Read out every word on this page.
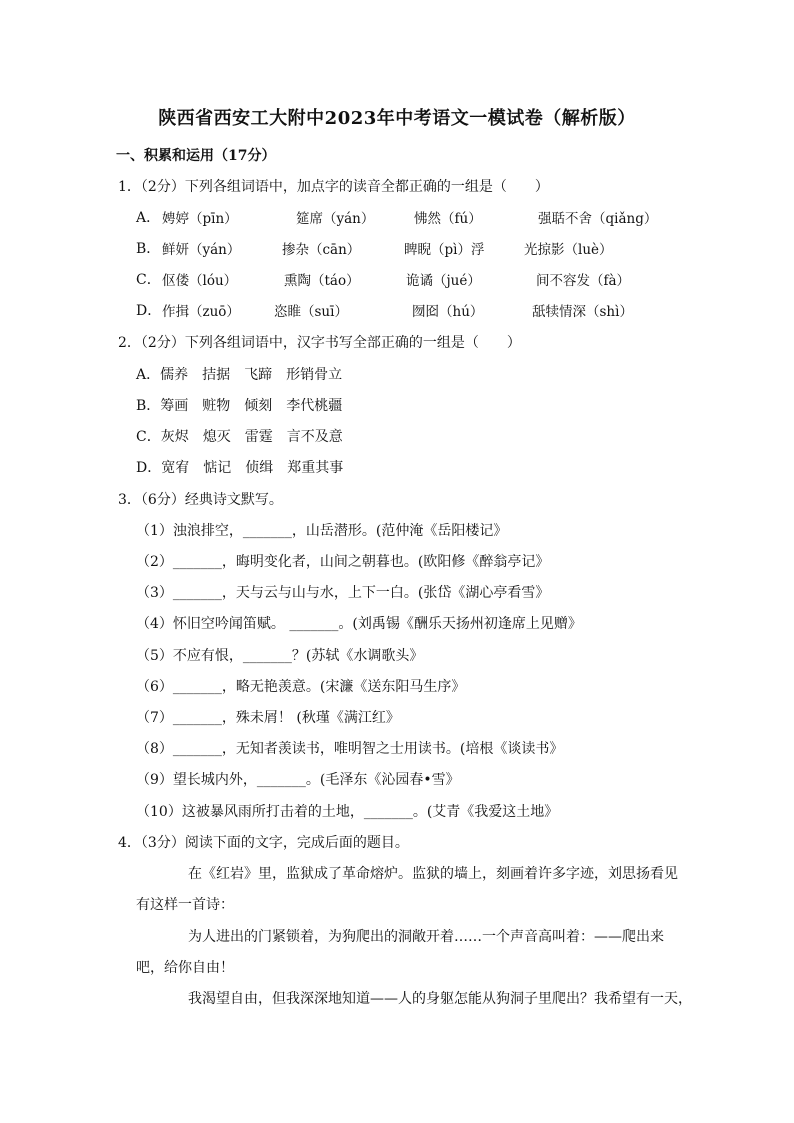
陕西省西安工大附中2023年中考语文一模试卷（解析版）
一、积累和运用（17分）
1．（2分）下列各组词语中，加点字的读音全都正确的一组是（　　）
A． 娉婷（pīn）	筵席（yán）	怫然（fú）	强聒不舍（qiǎng）
B． 鲜妍（yán）	掺杂（cān）	睥睨（pì）浮	光掠影（luè）
C． 伛偻（lóu）	熏陶（táo）	诡谲（jué）	间不容发（fà）
D． 作揖（zuō）	恣睢（suī）	囫囵（hú）	舐犊情深（shì）
2．（2分）下列各组词语中，汉字书写全部正确的一组是（　　）
A．儒养　拮据　飞蹄　形销骨立
B．筹画　赃物　倾刻　李代桃疆
C．灰烬　熄灭　雷霆　言不及意
D．宽宥　惦记　侦缉　郑重其事
3．（6分）经典诗文默写。
（1）浊浪排空，_______，山岳潜形。(范仲淹《岳阳楼记》
（2）_______，晦明变化者，山间之朝暮也。(欧阳修《醉翁亭记》
（3）_______，天与云与山与水，上下一白。(张岱《湖心亭看雪》
（4）怀旧空吟闻笛赋。 _______。(刘禹锡《酬乐天扬州初逢席上见赠》
（5）不应有恨，_______？(苏轼《水调歌头》
（6）_______，略无艳羡意。(宋濂《送东阳马生序》
（7）_______，殊未屑！ (秋瑾《满江红》
（8）_______，无知者羡读书，唯明智之士用读书。(培根《谈读书》
（9）望长城内外，_______。(毛泽东《沁园春•雪》
（10）这被暴风雨所打击着的土地，_______。(艾青《我爱这土地》
4．（3分）阅读下面的文字，完成后面的题目。
在《红岩》里，监狱成了革命熔炉。监狱的墙上，刻画着许多字迹，刘思扬看见
有这样一首诗：
为人进出的门紧锁着，为狗爬出的洞敞开着……一个声音高叫着：——爬出来
吧，给你自由！
我渴望自由，但我深深地知道——人的身躯怎能从狗洞子里爬出？我希望有一天，
